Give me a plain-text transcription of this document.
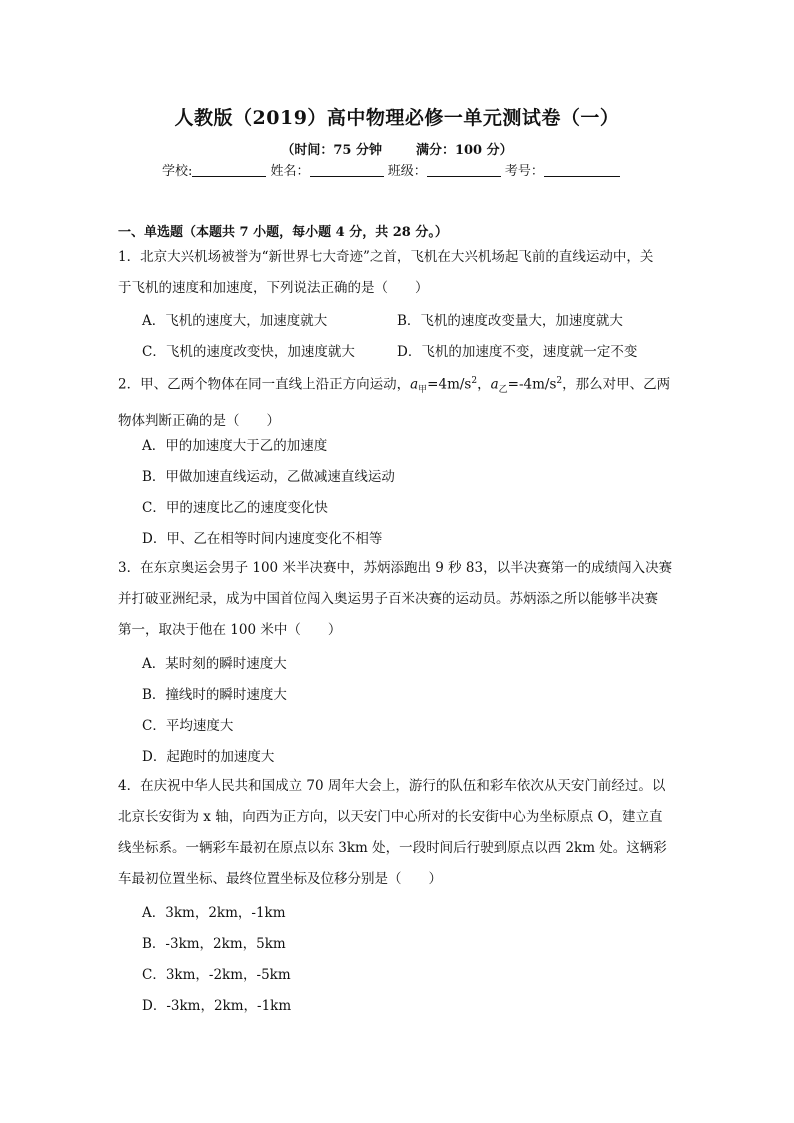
人教版（2019）高中物理必修一单元测试卷（一）
（时间：75 分钟	满分：100 分）
学校:	姓名：	班级：	考号：
一、单选题（本题共 7 小题，每小题 4 分，共 28 分。）
1．北京大兴机场被誉为“新世界七大奇迹”之首，飞机在大兴机场起飞前的直线运动中，关
于飞机的速度和加速度，下列说法正确的是（　　）
A．飞机的速度大，加速度就大	B．飞机的速度改变量大，加速度就大
C．飞机的速度改变快，加速度就大	D．飞机的加速度不变，速度就一定不变
2．甲、乙两个物体在同一直线上沿正方向运动，$a_甲=4m/s^2$，$a_乙=-4m/s^2$，那么对甲、乙两
物体判断正确的是（　　）
A．甲的加速度大于乙的加速度
B．甲做加速直线运动，乙做减速直线运动
C．甲的速度比乙的速度变化快
D．甲、乙在相等时间内速度变化不相等
3．在东京奥运会男子 100 米半决赛中，苏炳添跑出 9 秒 83，以半决赛第一的成绩闯入决赛
并打破亚洲纪录，成为中国首位闯入奥运男子百米决赛的运动员。苏炳添之所以能够半决赛
第一，取决于他在 100 米中（　　）
A．某时刻的瞬时速度大
B．撞线时的瞬时速度大
C．平均速度大
D．起跑时的加速度大
4．在庆祝中华人民共和国成立 70 周年大会上，游行的队伍和彩车依次从天安门前经过。以
北京长安街为 x 轴，向西为正方向，以天安门中心所对的长安街中心为坐标原点 O，建立直
线坐标系。一辆彩车最初在原点以东 3km 处，一段时间后行驶到原点以西 2km 处。这辆彩
车最初位置坐标、最终位置坐标及位移分别是（　　）
A．3km，2km，-1km
B．-3km，2km，5km
C．3km，-2km，-5km
D．-3km，2km，-1km
